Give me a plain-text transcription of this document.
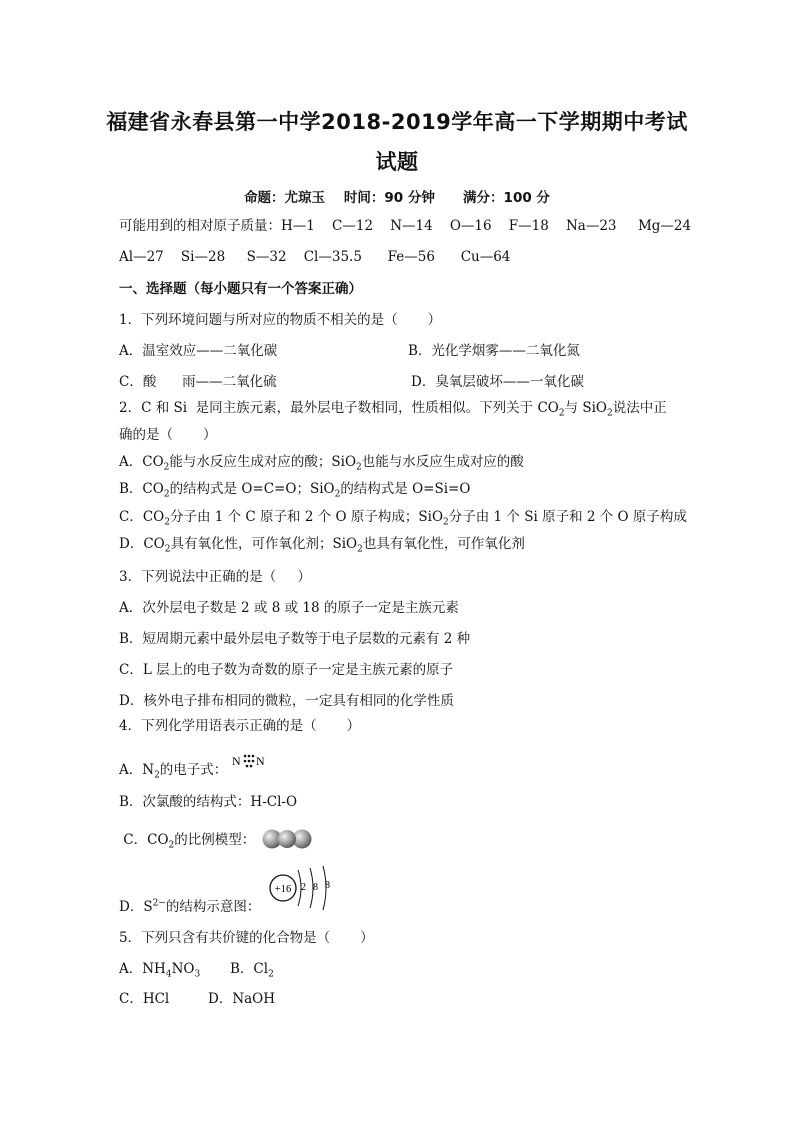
福建省永春县第一中学2018-2019学年高一下学期期中考试
试题
命题：尤琼玉    时间：90 分钟      满分：100 分
可能用到的相对原子质量：H—1    C—12    N—14    O—16    F—18    Na—23     Mg—24
Al—27    Si—28     S—32    Cl—35.5      Fe—56      Cu—64
一、选择题（每小题只有一个答案正确）
1．下列环境问题与所对应的物质不相关的是（       ）
A．温室效应——二氧化碳	B．光化学烟雾——二氧化氮
C．酸      雨——二氧化硫	D．臭氧层破坏——一氧化碳
2．C 和 Si  是同主族元素，最外层电子数相同，性质相似。下列关于 $CO_2$与 SiO$_2$说法中正
确的是（       ）
A．$CO_2$能与水反应生成对应的酸；SiO$_2$也能与水反应生成对应的酸
B．$CO_2$的结构式是 O=C=O；SiO$_2$的结构式是 O=Si=O
C．$CO_2$分子由 1 个 C 原子和 2 个 O 原子构成；SiO$_2$分子由 1 个 Si 原子和 2 个 O 原子构成
D．$CO_2$具有氧化性，可作氧化剂；SiO$_2$也具有氧化性，可作氧化剂
3．下列说法中正确的是（     ）
A．次外层电子数是 2 或 8 或 18 的原子一定是主族元素
B．短周期元素中最外层电子数等于电子层数的元素有 2 种
C．L 层上的电子数为奇数的原子一定是主族元素的原子
D．核外电子排布相同的微粒，一定具有相同的化学性质
4．下列化学用语表示正确的是（       ）
A．$N_2$的电子式：
N N
B．次氯酸的结构式：H-Cl-O
C．$CO_2$的比例模型：
D．$S^{2-}$的结构示意图：
+16 2 8 8
5．下列只含有共价键的化合物是（       ）
A．$NH_4NO_3$ B．$Cl_2$
C．HCl	D．NaOH
